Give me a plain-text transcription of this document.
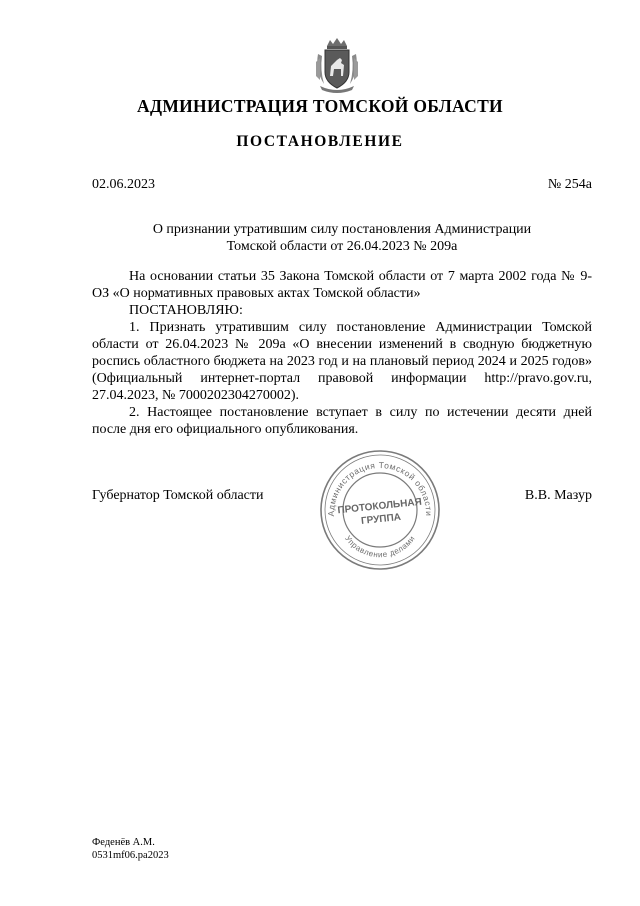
АДМИНИСТРАЦИЯ ТОМСКОЙ ОБЛАСТИ
ПОСТАНОВЛЕНИЕ
02.06.2023	№ 254а
О признании утратившим силу постановления Администрации
Томской области от 26.04.2023 № 209а

На основании статьи 35 Закона Томской области от 7 марта 2002 года № 9-ОЗ «О нормативных правовых актах Томской области»

ПОСТАНОВЛЯЮ:

1. Признать утратившим силу постановление Администрации Томской области от 26.04.2023 № 209а «О внесении изменений в сводную бюджетную роспись областного бюджета на 2023 год и на плановый период 2024 и 2025 годов» (Официальный интернет-портал правовой информации http://pravo.gov.ru, 27.04.2023, № 7000202304270002).

2. Настоящее постановление вступает в силу по истечении десяти дней после дня его официального опубликования.

Губернатор Томской области	В.В. Мазур
Администрация Томской области
Управление делами
ПРОТОКОЛЬНАЯ
ГРУППА
Феденёв А.М.
0531mf06.ра2023
